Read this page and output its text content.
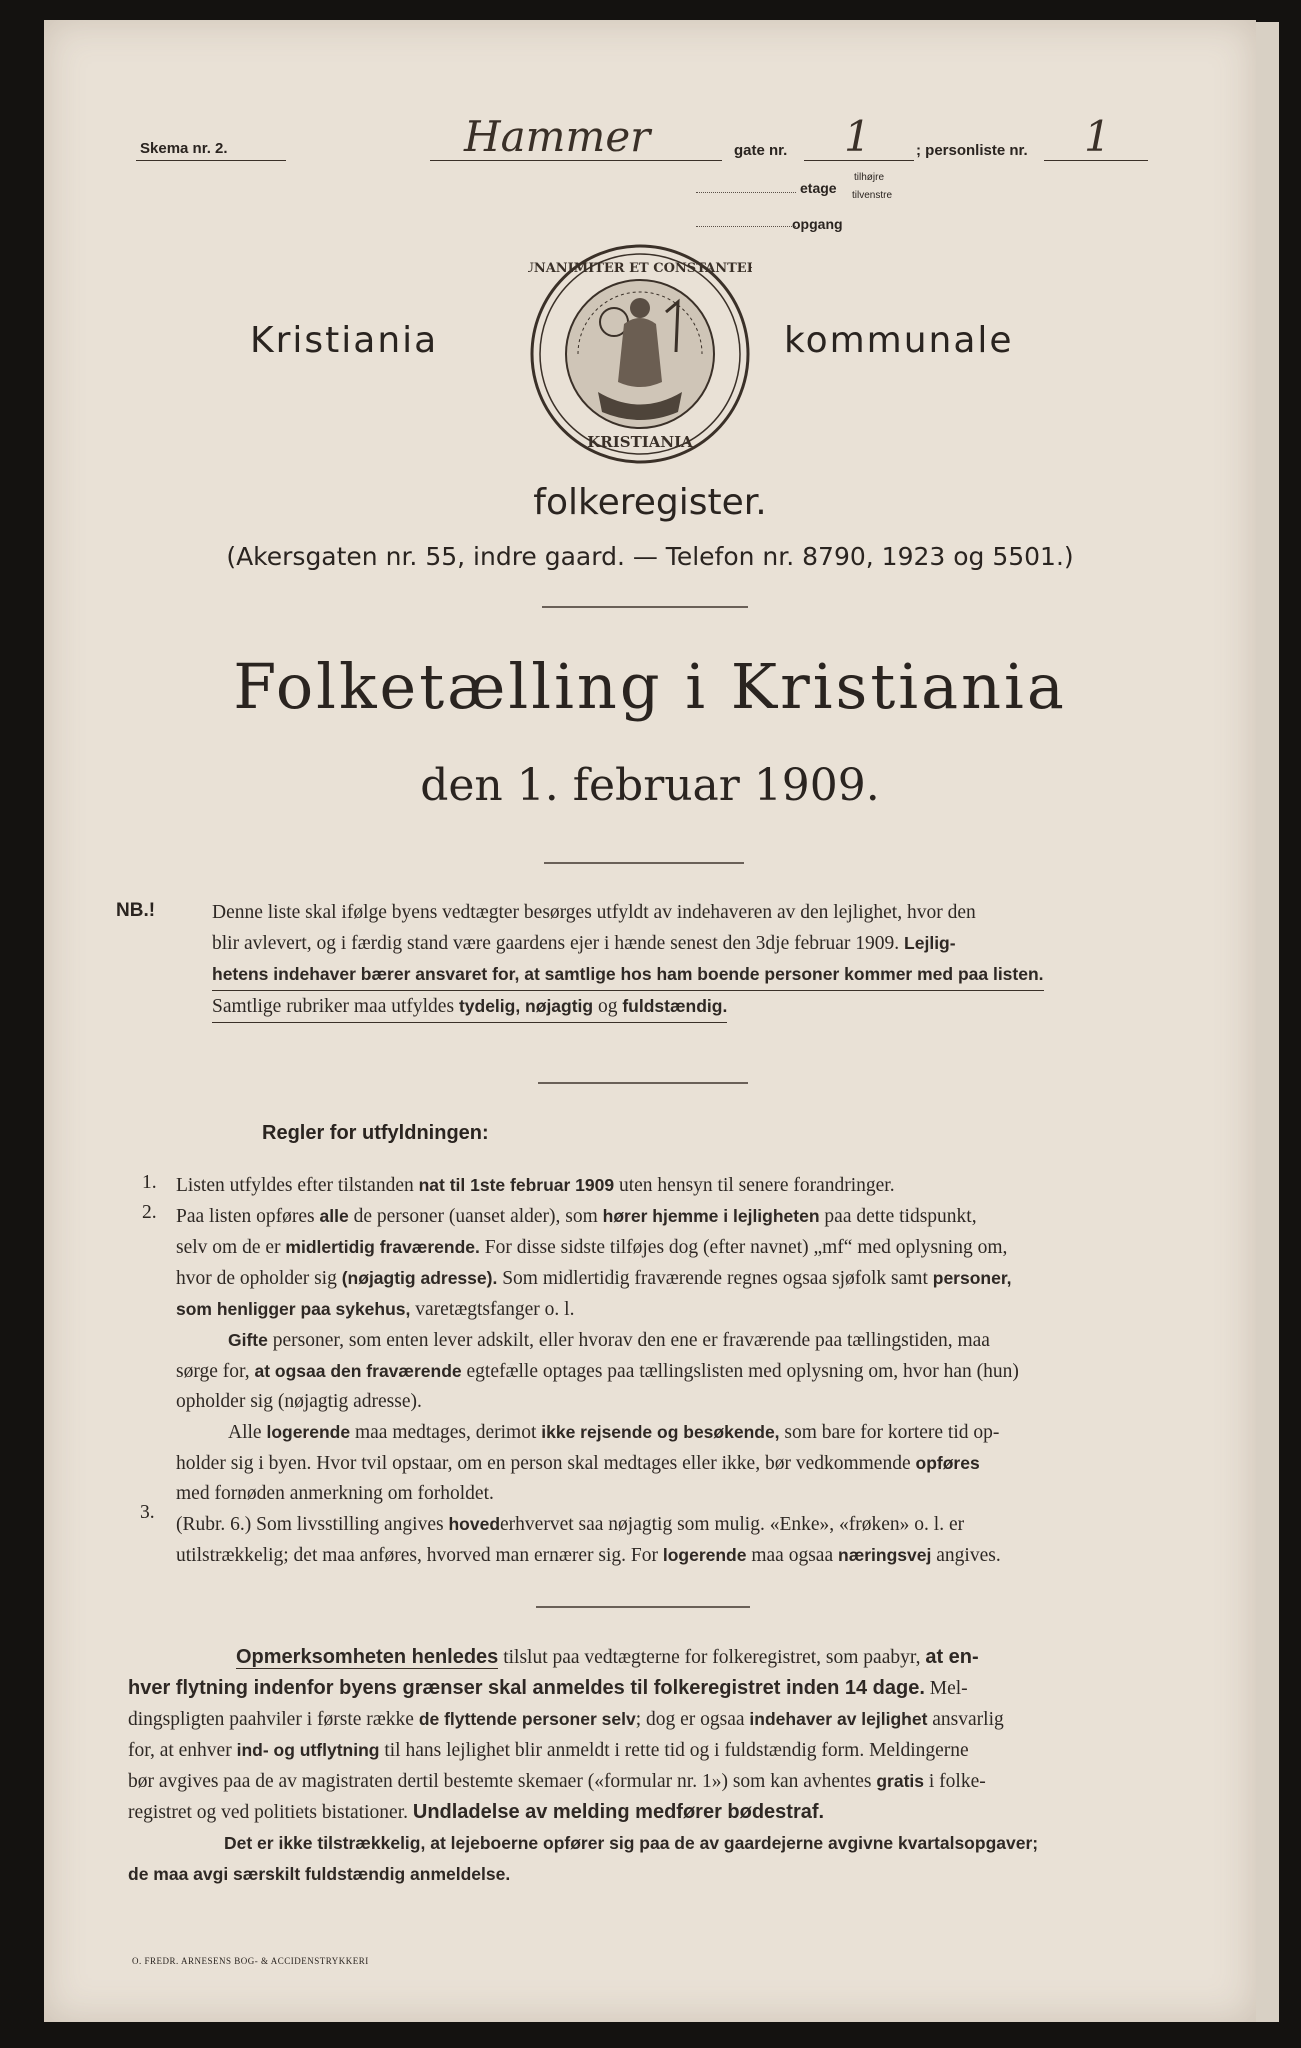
Skema nr. 2.	Hammer	gate nr. 1	; personliste nr. 1
etage
tilhøjre
tilvenstre
opgang
Kristiania	kommunale
UNANIMITER ET CONSTANTER
KRISTIANIA
folkeregister.
(Akersgaten nr. 55, indre gaard. — Telefon nr. 8790, 1923 og 5501.)
Folketælling i Kristiania
den 1. februar 1909.
NB.!	Denne liste skal ifølge byens vedtægter besørges utfyldt av indehaveren av den lejlighet, hvor den
blir avlevert, og i færdig stand være gaardens ejer i hænde senest den 3dje februar 1909. Lejlig-
hetens indehaver bærer ansvaret for, at samtlige hos ham boende personer kommer med paa listen. Samtlige rubriker maa utfyldes tydelig, nøjagtig og fuldstændig.
Regler for utfyldningen:
1.
2.
3.
Listen utfyldes efter tilstanden nat til 1ste februar 1909 uten hensyn til senere forandringer.
Paa listen opføres alle de personer (uanset alder), som hører hjemme i lejligheten paa dette tidspunkt,
selv om de er midlertidig fraværende. For disse sidste tilføjes dog (efter navnet) „mf“ med oplysning om,
hvor de opholder sig (nøjagtig adresse). Som midlertidig fraværende regnes ogsaa sjøfolk samt personer,
som henligger paa sykehus, varetægtsfanger o. l.
Gifte personer, som enten lever adskilt, eller hvorav den ene er fraværende paa tællingstiden, maa
sørge for, at ogsaa den fraværende egtefælle optages paa tællingslisten med oplysning om, hvor han (hun)
opholder sig (nøjagtig adresse).
Alle logerende maa medtages, derimot ikke rejsende og besøkende, som bare for kortere tid op-
holder sig i byen. Hvor tvil opstaar, om en person skal medtages eller ikke, bør vedkommende opføres
med fornøden anmerkning om forholdet.
(Rubr. 6.) Som livsstilling angives hovederhvervet saa nøjagtig som mulig. «Enke», «frøken» o. l. er
utilstrækkelig; det maa anføres, hvorved man ernærer sig. For logerende maa ogsaa næringsvej angives.
Opmerksomheten henledes tilslut paa vedtægterne for folkeregistret, som paabyr, at en-
hver flytning indenfor byens grænser skal anmeldes til folkeregistret inden 14 dage. Mel-
dingspligten paahviler i første række de flyttende personer selv; dog er ogsaa indehaver av lejlighet ansvarlig
for, at enhver ind- og utflytning til hans lejlighet blir anmeldt i rette tid og i fuldstændig form. Meldingerne
bør avgives paa de av magistraten dertil bestemte skemaer («formular nr. 1») som kan avhentes gratis i folke-
registret og ved politiets bistationer. Undladelse av melding medfører bødestraf.
Det er ikke tilstrækkelig, at lejeboerne opfører sig paa de av gaardejerne avgivne kvartalsopgaver;
de maa avgi særskilt fuldstændig anmeldelse.
O. FREDR. ARNESENS BOG- & ACCIDENSTRYKKERI
